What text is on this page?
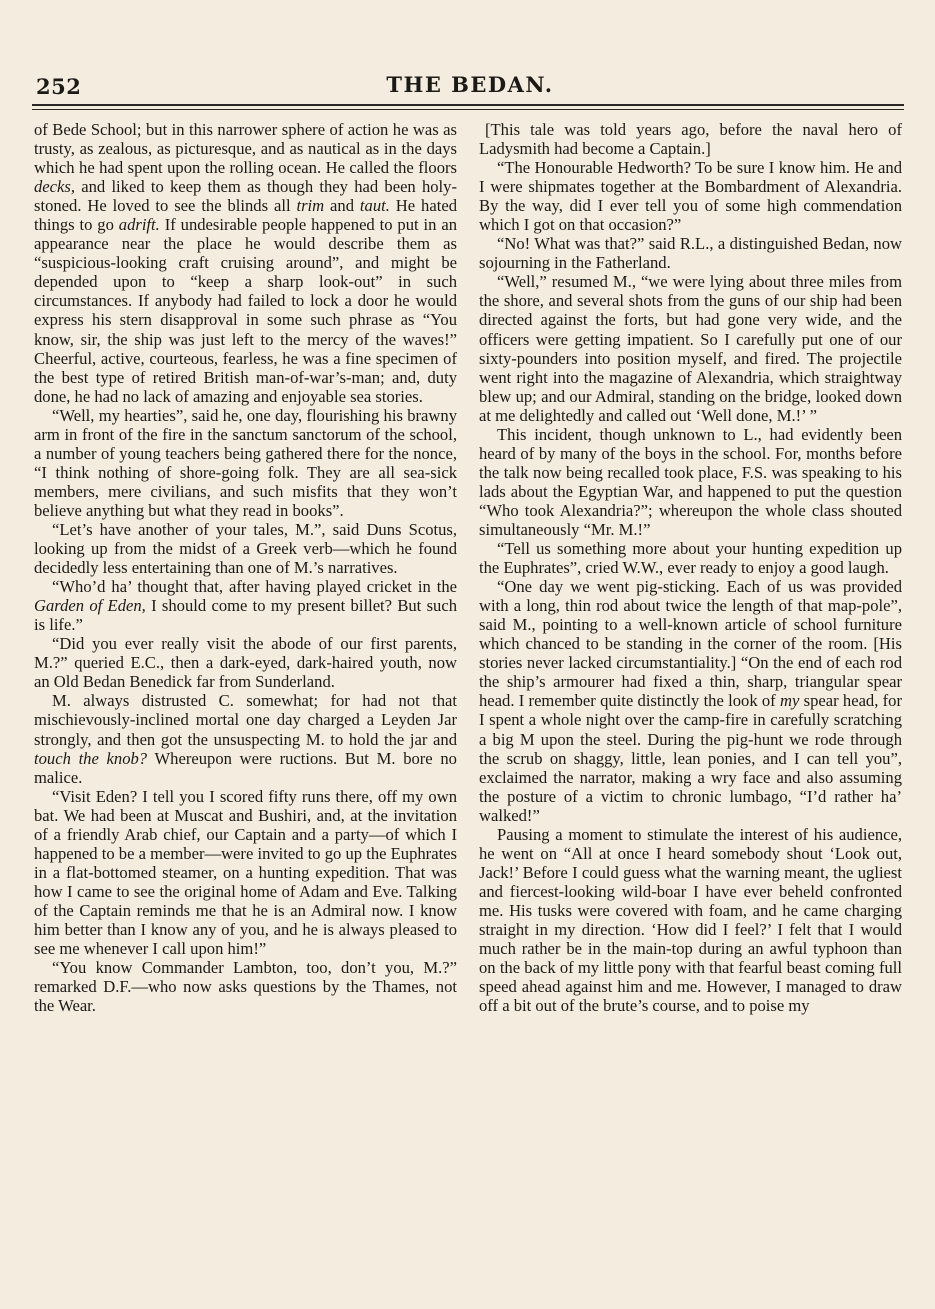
252	THE BEDAN.

of Bede School; but in this narrower sphere of action he was as trusty, as zealous, as picturesque, and as nautical as in the days which he had spent upon the rolling ocean. He called the floors decks, and liked to keep them as though they had been holy-stoned. He loved to see the blinds all trim and taut. He hated things to go adrift. If undesirable people happened to put in an appearance near the place he would describe them as “suspicious-looking craft cruising around”, and might be depended upon to “keep a sharp look-out” in such circumstances. If anybody had failed to lock a door he would express his stern disapproval in some such phrase as “You know, sir, the ship was just left to the mercy of the waves!” Cheerful, active, courteous, fearless, he was a fine specimen of the best type of retired British man-of-war’s-man; and, duty done, he had no lack of amazing and enjoyable sea stories.

“Well, my hearties”, said he, one day, flourishing his brawny arm in front of the fire in the sanctum sanctorum of the school, a number of young teachers being gathered there for the nonce, “I think nothing of shore-going folk. They are all sea-sick members, mere civilians, and such misfits that they won’t believe anything but what they read in books”.

“Let’s have another of your tales, M.”, said Duns Scotus, looking up from the midst of a Greek verb—which he found decidedly less entertaining than one of M.’s narratives.

“Who’d ha’ thought that, after having played cricket in the Garden of Eden, I should come to my present billet? But such is life.”

“Did you ever really visit the abode of our first parents, M.?” queried E.C., then a dark-eyed, dark-haired youth, now an Old Bedan Benedick far from Sunderland.

M. always distrusted C. somewhat; for had not that mischievously-inclined mortal one day charged a Leyden Jar strongly, and then got the unsuspecting M. to hold the jar and touch the knob? Whereupon were ructions. But M. bore no malice.

“Visit Eden? I tell you I scored fifty runs there, off my own bat. We had been at Muscat and Bushiri, and, at the invitation of a friendly Arab chief, our Captain and a party—of which I happened to be a member—were invited to go up the Euphrates in a flat-bottomed steamer, on a hunting expedition. That was how I came to see the original home of Adam and Eve. Talking of the Captain reminds me that he is an Admiral now. I know him better than I know any of you, and he is always pleased to see me whenever I call upon him!”

“You know Commander Lambton, too, don’t you, M.?” remarked D.F.—who now asks questions by the Thames, not the Wear.

[This tale was told years ago, before the naval hero of Ladysmith had become a Captain.]

“The Honourable Hedworth? To be sure I know him. He and I were shipmates together at the Bombardment of Alexandria. By the way, did I ever tell you of some high commendation which I got on that occasion?”

“No! What was that?” said R.L., a distinguished Bedan, now sojourning in the Fatherland.

“Well,” resumed M., “we were lying about three miles from the shore, and several shots from the guns of our ship had been directed against the forts, but had gone very wide, and the officers were getting impatient. So I carefully put one of our sixty-pounders into position myself, and fired. The projectile went right into the magazine of Alexandria, which straightway blew up; and our Admiral, standing on the bridge, looked down at me delightedly and called out ‘Well done, M.!’ ”

This incident, though unknown to L., had evidently been heard of by many of the boys in the school. For, months before the talk now being recalled took place, F.S. was speaking to his lads about the Egyptian War, and happened to put the question “Who took Alexandria?”; whereupon the whole class shouted simultaneously “Mr. M.!”

“Tell us something more about your hunting expedition up the Euphrates”, cried W.W., ever ready to enjoy a good laugh.

“One day we went pig-sticking. Each of us was provided with a long, thin rod about twice the length of that map-pole”, said M., pointing to a well-known article of school furniture which chanced to be standing in the corner of the room. [His stories never lacked circumstantiality.] “On the end of each rod the ship’s armourer had fixed a thin, sharp, triangular spear head. I remember quite distinctly the look of my spear head, for I spent a whole night over the camp-fire in carefully scratching a big M upon the steel. During the pig-hunt we rode through the scrub on shaggy, little, lean ponies, and I can tell you”, exclaimed the narrator, making a wry face and also assuming the posture of a victim to chronic lumbago, “I’d rather ha’ walked!”

Pausing a moment to stimulate the interest of his audience, he went on “All at once I heard somebody shout ‘Look out, Jack!’ Before I could guess what the warning meant, the ugliest and fiercest-looking wild-boar I have ever beheld confronted me. His tusks were covered with foam, and he came charging straight in my direction. ‘How did I feel?’ I felt that I would much rather be in the main-top during an awful typhoon than on the back of my little pony with that fearful beast coming full speed ahead against him and me. However, I managed to draw off a bit out of the brute’s course, and to poise my
